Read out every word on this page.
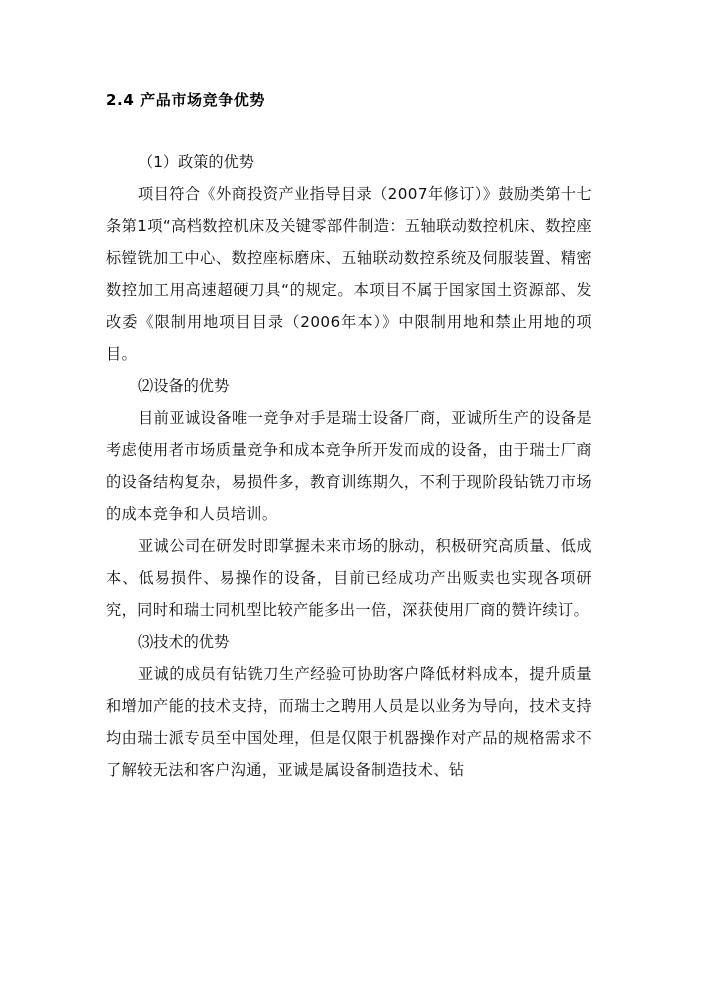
2.4 产品市场竞争优势

（1）政策的优势

项目符合《外商投资产业指导目录（2007年修订）》鼓励类第十七条第1项“高档数控机床及关键零部件制造：五轴联动数控机床、数控座标镗铣加工中心、数控座标磨床、五轴联动数控系统及伺服装置、精密数控加工用高速超硬刀具“的规定。本项目不属于国家国土资源部、发改委《限制用地项目目录（2006年本）》中限制用地和禁止用地的项目。

⑵设备的优势

目前亚诚设备唯一竞争对手是瑞士设备厂商，亚诚所生产的设备是考虑使用者市场质量竞争和成本竞争所开发而成的设备，由于瑞士厂商的设备结构复杂，易损件多，教育训练期久，不利于现阶段钻铣刀市场的成本竞争和人员培训。

亚诚公司在研发时即掌握未来市场的脉动，积极研究高质量、低成本、低易损件、易操作的设备，目前已经成功产出贩卖也实现各项研究，同时和瑞士同机型比较产能多出一倍，深获使用厂商的赞许续订。

⑶技术的优势

亚诚的成员有钻铣刀生产经验可协助客户降低材料成本，提升质量和增加产能的技术支持，而瑞士之聘用人员是以业务为导向，技术支持均由瑞士派专员至中国处理，但是仅限于机器操作对产品的规格需求不了解较无法和客户沟通，亚诚是属设备制造技术、钻
